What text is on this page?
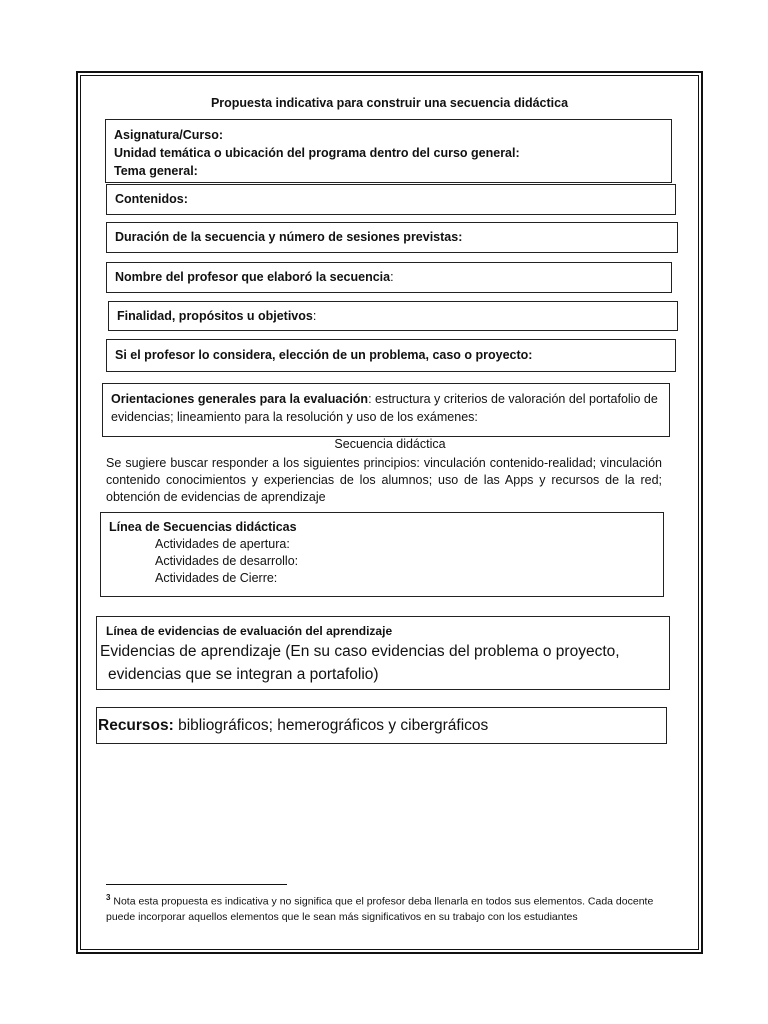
Propuesta indicativa para construir una secuencia didáctica
Asignatura/Curso:
Unidad temática o ubicación del programa dentro del curso general:
Tema general:
Contenidos:
Duración de la secuencia y número de sesiones previstas:
Nombre del profesor que elaboró la secuencia:
Finalidad, propósitos u objetivos:
Si el profesor lo considera, elección de un problema, caso o proyecto:
Orientaciones generales para la evaluación: estructura y criterios de valoración del portafolio de evidencias; lineamiento para la resolución y uso de los exámenes:
Secuencia didáctica
Se sugiere buscar responder a los siguientes principios: vinculación contenido-realidad; vinculación contenido conocimientos y experiencias de los alumnos; uso de las Apps y recursos de la red; obtención de evidencias de aprendizaje
Línea de Secuencias didácticas
Actividades de apertura:
Actividades de desarrollo:
Actividades de Cierre:
Línea de evidencias de evaluación del aprendizaje
Evidencias de aprendizaje (En su caso evidencias del problema o proyecto,
evidencias que se integran a portafolio)
Recursos: bibliográficos; hemerográficos y cibergráficos
$^3$ Nota esta propuesta es indicativa y no significa que el profesor deba llenarla en todos sus elementos. Cada docente puede incorporar aquellos elementos que le sean más significativos en su trabajo con los estudiantes
